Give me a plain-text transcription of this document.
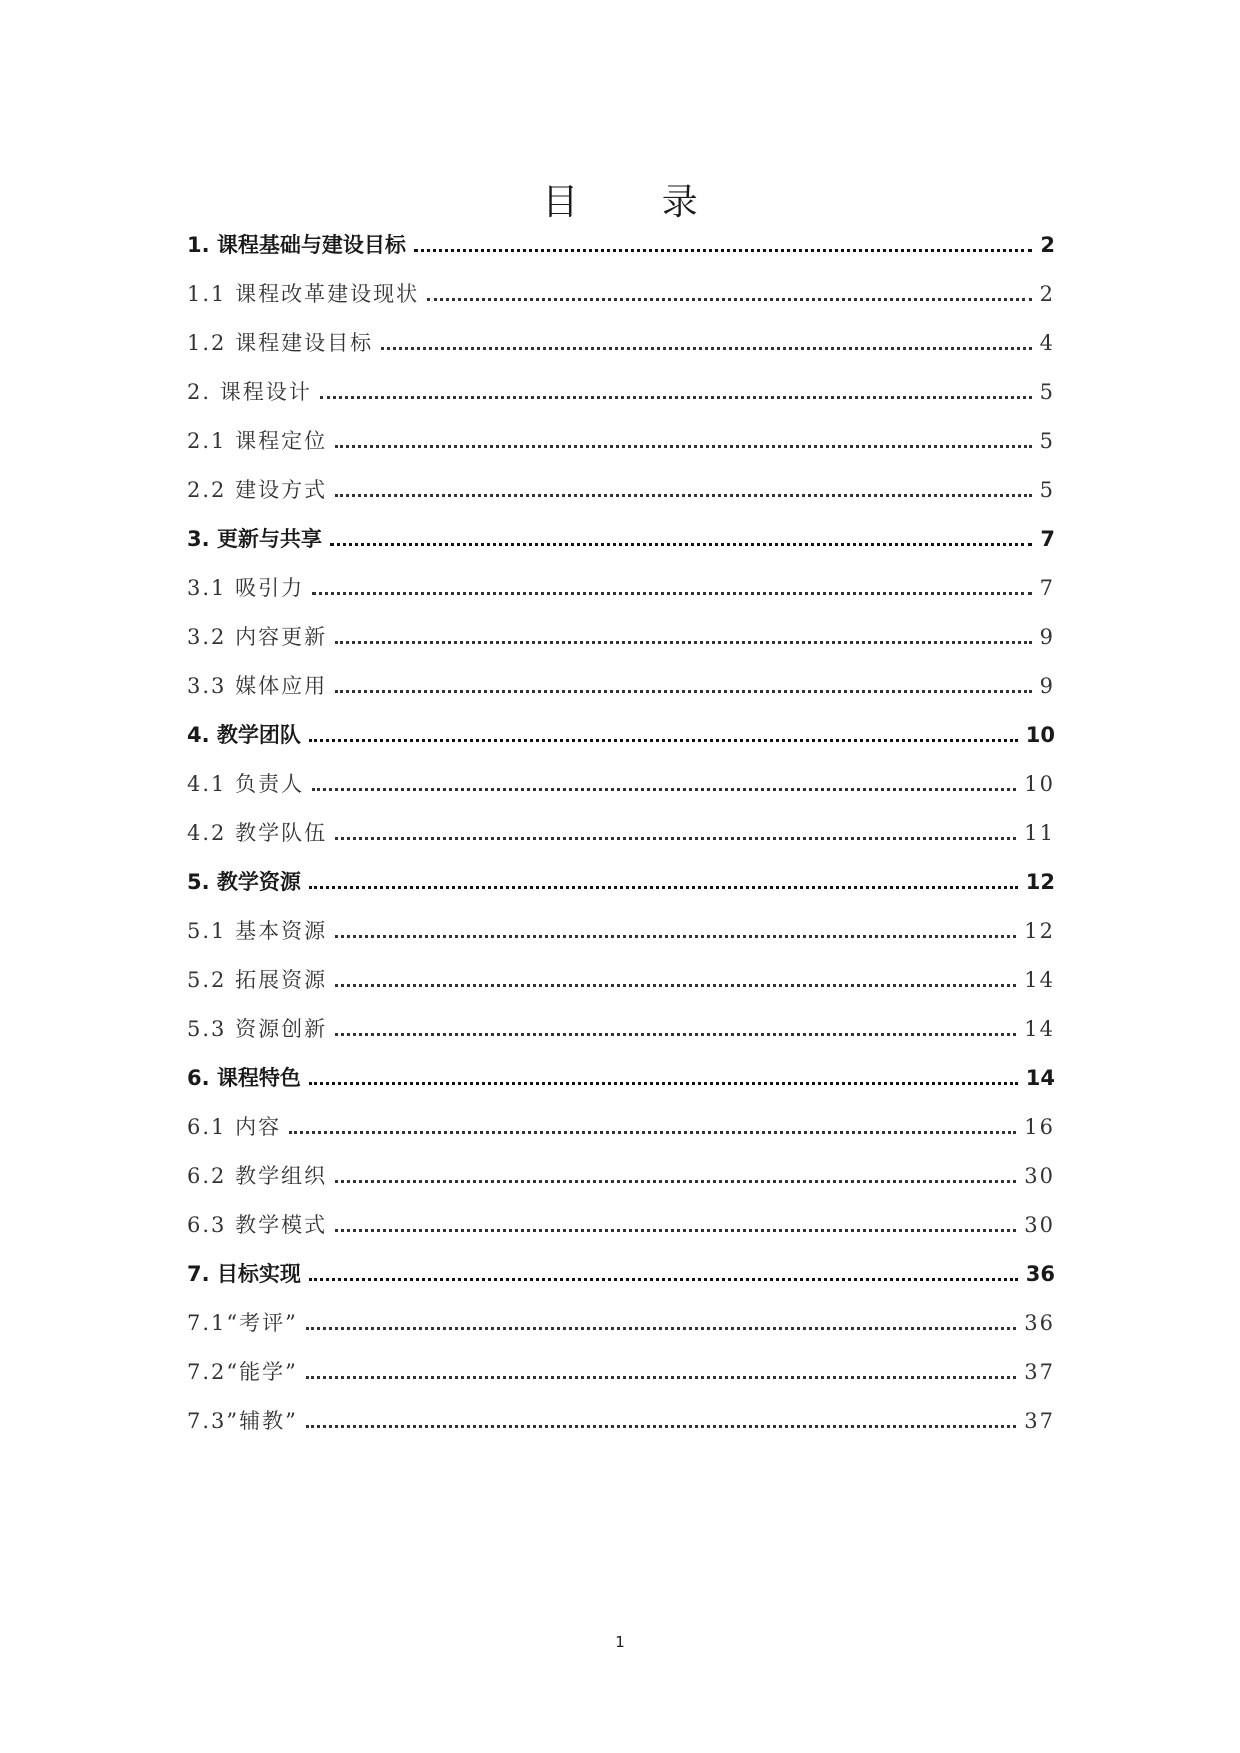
目 录
1. 课程基础与建设目标	2
1.1 课程改革建设现状	2
1.2 课程建设目标	4
2. 课程设计	5
2.1 课程定位	5
2.2 建设方式	5
3. 更新与共享	7
3.1 吸引力	7
3.2 内容更新	9
3.3 媒体应用	9
4. 教学团队	10
4.1 负责人	10
4.2 教学队伍	11
5. 教学资源	12
5.1 基本资源	12
5.2 拓展资源	14
5.3 资源创新	14
6. 课程特色	14
6.1 内容	16
6.2 教学组织	30
6.3 教学模式	30
7. 目标实现	36
7.1“考评”	36
7.2“能学”	37
7.3”辅教”	37
1
